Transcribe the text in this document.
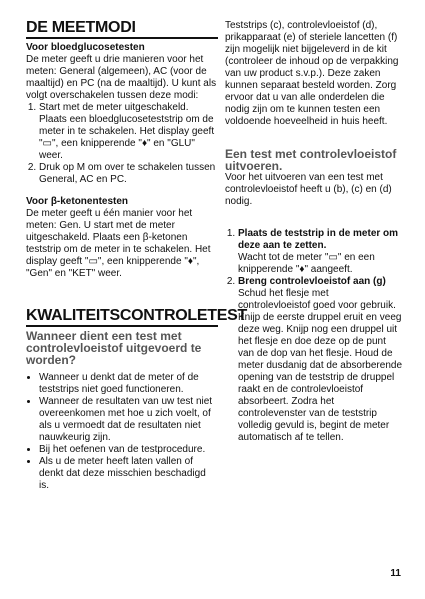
DE MEETMODI

Voor bloedglucosetesten

De meter geeft u drie manieren voor het meten: General (algemeen), AC (voor de maaltijd) en PC (na de maaltijd). U kunt als volgt overschakelen tussen deze modi:

1. Start met de meter uitgeschakeld. Plaats een bloedglucoseteststrip om de meter in te schakelen. Het display geeft "▭", een knipperende "♦" en "GLU" weer.
2. Druk op M om over te schakelen tussen General, AC en PC.

Voor β-ketonentesten

De meter geeft u één manier voor het meten: Gen. U start met de meter uitgeschakeld. Plaats een β-ketonen teststrip om de meter in te schakelen. Het display geeft "▭", een knipperende "♦", "Gen" en "KET" weer.

KWALITEITSCONTROLETEST

Wanneer dient een test met controlevloeistof uitgevoerd te worden?

• Wanneer u denkt dat de meter of de teststrips niet goed functioneren.
• Wanneer de resultaten van uw test niet overeenkomen met hoe u zich voelt, of als u vermoedt dat de resultaten niet nauwkeurig zijn.
• Bij het oefenen van de testprocedure.
• Als u de meter heeft laten vallen of denkt dat deze misschien beschadigd is.

Teststrips (c), controlevloeistof (d), prikapparaat (e) of steriele lancetten (f) zijn mogelijk niet bijgeleverd in de kit (controleer de inhoud op de verpakking van uw product s.v.p.). Deze zaken kunnen separaat besteld worden. Zorg ervoor dat u van alle onderdelen die nodig zijn om te kunnen testen een voldoende hoeveelheid in huis heeft.

Een test met controlevloeistof uitvoeren.

Voor het uitvoeren van een test met controlevloeistof heeft u (b), (c) en (d) nodig.

1. Plaats de teststrip in de meter om deze aan te zetten.
Wacht tot de meter "▭" en een knipperende "♦" aangeeft.
2. Breng controlevloeistof aan (g)
Schud het flesje met controlevloeistof goed voor gebruik. Knijp de eerste druppel eruit en veeg deze weg. Knijp nog een druppel uit het flesje en doe deze op de punt van de dop van het flesje. Houd de meter dusdanig dat de absorberende opening van de teststrip de druppel raakt en de controlevloeistof absorbeert. Zodra het controlevenster van de teststrip volledig gevuld is, begint de meter automatisch af te tellen.
11
